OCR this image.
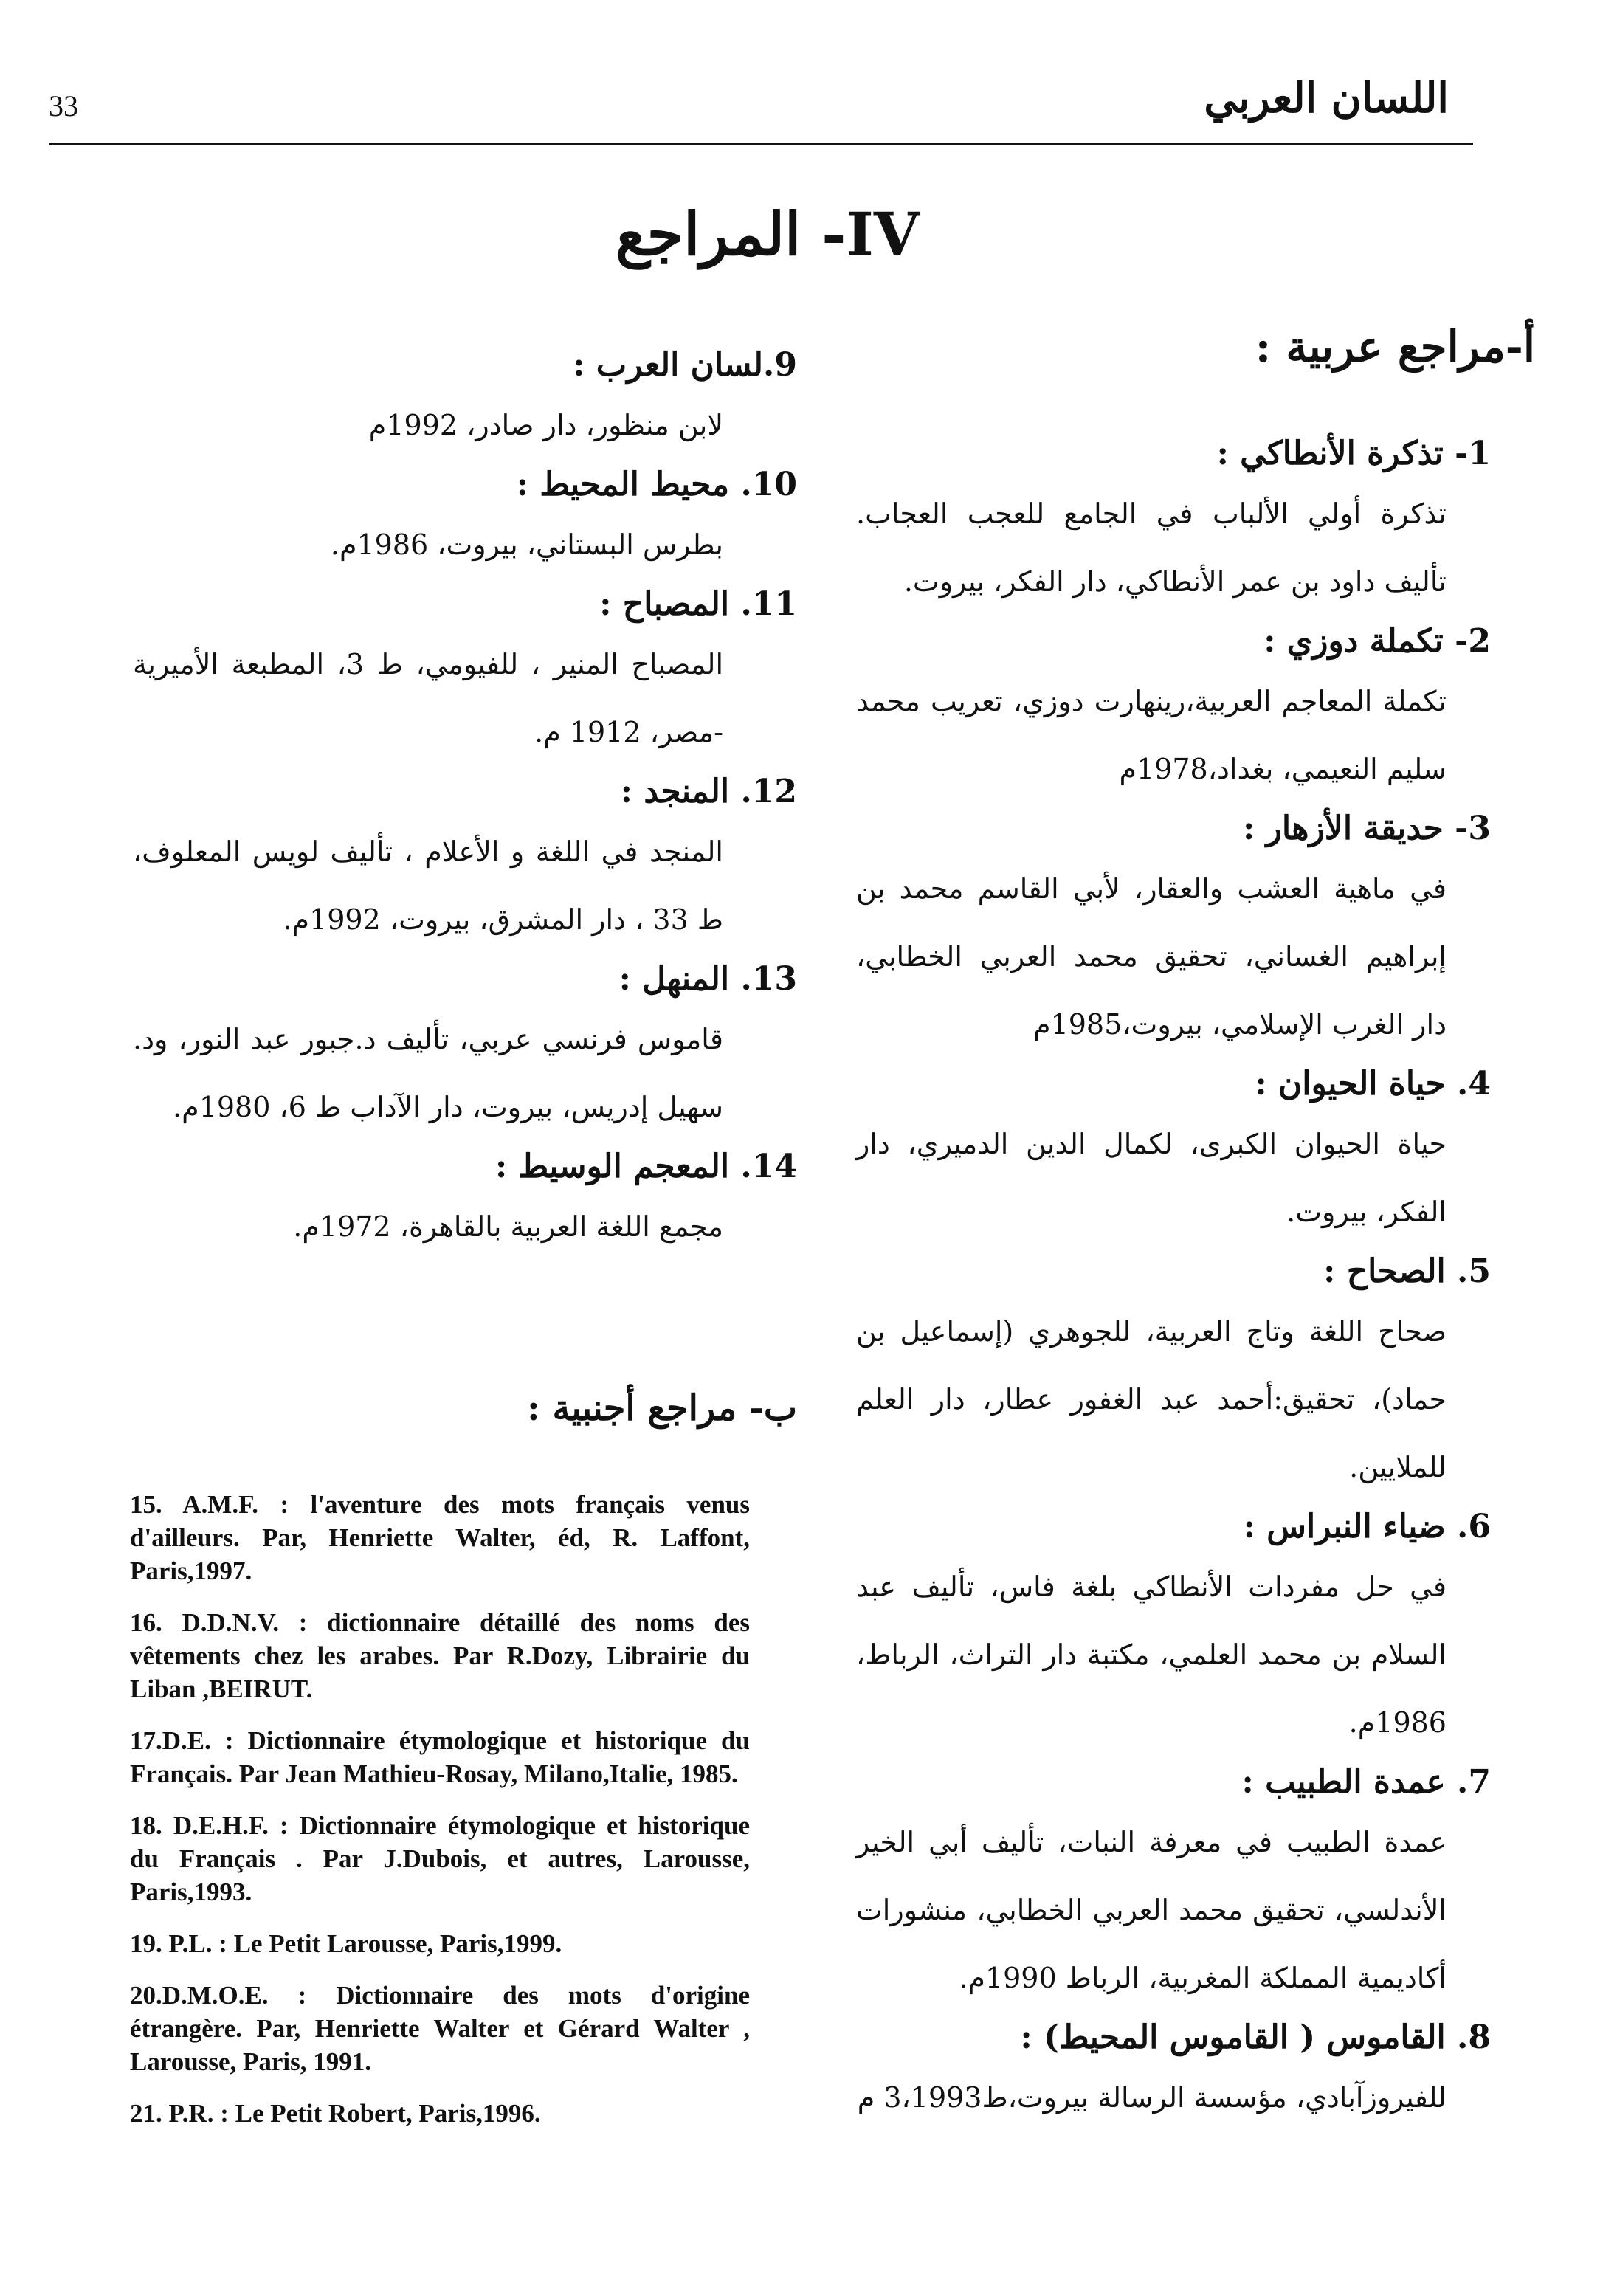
33	اللسان العربي
IV- المراجع
أ-مراجع عربية :
1- تذكرة الأنطاكي :
تذكرة أولي الألباب في الجامع للعجب العجاب. تأليف داود بن عمر الأنطاكي، دار الفكر، بيروت.
2- تكملة دوزي :
تكملة المعاجم العربية،رينهارت دوزي، تعريب محمد سليم النعيمي، بغداد،1978م
3- حديقة الأزهار :
في ماهية العشب والعقار، لأبي القاسم محمد بن إبراهيم الغساني، تحقيق محمد العربي الخطابي، دار الغرب الإسلامي، بيروت،1985م
4. حياة الحيوان :
حياة الحيوان الكبرى، لكمال الدين الدميري، دار الفكر، بيروت.
5. الصحاح :
صحاح اللغة وتاج العربية، للجوهري (إسماعيل بن حماد)، تحقيق:أحمد عبد الغفور عطار، دار العلم للملايين.
6. ضياء النبراس :
في حل مفردات الأنطاكي بلغة فاس، تأليف عبد السلام بن محمد العلمي، مكتبة دار التراث، الرباط، 1986م.
7. عمدة الطبيب :
عمدة الطبيب في معرفة النبات، تأليف أبي الخير الأندلسي، تحقيق محمد العربي الخطابي، منشورات أكاديمية المملكة المغربية، الرباط 1990م.
8. القاموس ( القاموس المحيط) :
للفيروزآبادي، مؤسسة الرسالة بيروت،ط3،1993 م
9.لسان العرب :
لابن منظور، دار صادر، 1992م
10. محيط المحيط :
بطرس البستاني، بيروت، 1986م.
11. المصباح :
المصباح المنير ، للفيومي، ط 3، المطبعة الأميرية -مصر، 1912 م.
12. المنجد :
المنجد في اللغة و الأعلام ، تأليف لويس المعلوف، ط 33 ، دار المشرق، بيروت، 1992م.
13. المنهل :
قاموس فرنسي عربي، تأليف د.جبور عبد النور، ود. سهيل إدريس، بيروت، دار الآداب ط 6، 1980م.
14. المعجم الوسيط :
مجمع اللغة العربية بالقاهرة، 1972م.
ب- مراجع أجنبية :
15. A.M.F. : l'aventure des mots français venus d'ailleurs. Par, Henriette Walter, éd, R. Laffont, Paris,1997.
16. D.D.N.V. : dictionnaire détaillé des noms des vêtements chez les arabes. Par R.Dozy, Librairie du Liban ,BEIRUT.
17.D.E. : Dictionnaire étymologique et historique du Français. Par Jean Mathieu-Rosay, Milano,Italie, 1985.
18. D.E.H.F. : Dictionnaire étymologique et historique du Français . Par J.Dubois, et autres, Larousse, Paris,1993.
19. P.L. : Le Petit Larousse, Paris,1999.
20.D.M.O.E. : Dictionnaire des mots d'origine étrangère. Par, Henriette Walter et Gérard Walter , Larousse, Paris, 1991.
21. P.R. : Le Petit Robert, Paris,1996.
